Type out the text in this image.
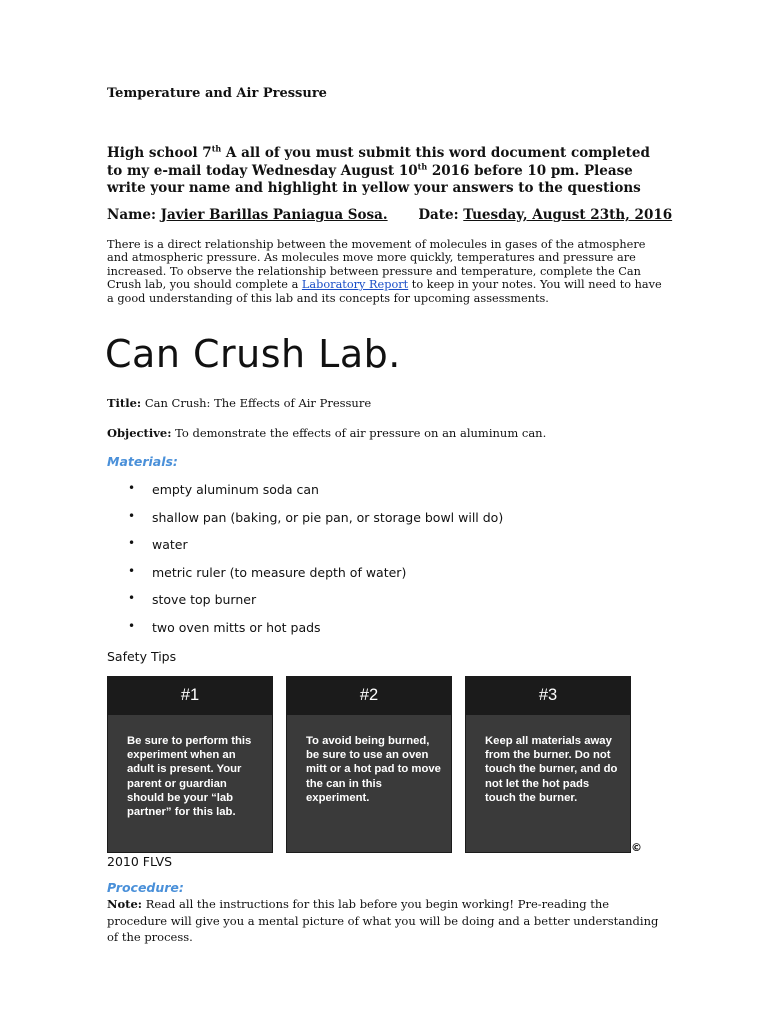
Temperature and Air Pressure
High school 7th A all of you must submit this word document completed to my e-mail today Wednesday August 10th 2016 before 10 pm. Please write your name and highlight in yellow your answers to the questions
Name: Javier Barillas Paniagua Sosa. Date: Tuesday, August 23th, 2016
There is a direct relationship between the movement of molecules in gases of the atmosphere and atmospheric pressure. As molecules move more quickly, temperatures and pressure are increased. To observe the relationship between pressure and temperature, complete the Can Crush lab, you should complete a Laboratory Report to keep in your notes. You will need to have a good understanding of this lab and its concepts for upcoming assessments.
Can Crush Lab.
Title: Can Crush: The Effects of Air Pressure
Objective: To demonstrate the effects of air pressure on an aluminum can.
Materials:
• empty aluminum soda can
• shallow pan (baking, or pie pan, or storage bowl will do)
• water
• metric ruler (to measure depth of water)
• stove top burner
• two oven mitts or hot pads
Safety Tips
#1
Be sure to perform this experiment when an adult is present. Your parent or guardian should be your “lab partner” for this lab.
#2
To avoid being burned, be sure to use an oven mitt or a hot pad to move the can in this experiment.
#3
Keep all materials away from the burner. Do not touch the burner, and do not let the hot pads touch the burner.
©
2010 FLVS
Procedure:
Note: Read all the instructions for this lab before you begin working! Pre-reading the procedure will give you a mental picture of what you will be doing and a better understanding of the process.
